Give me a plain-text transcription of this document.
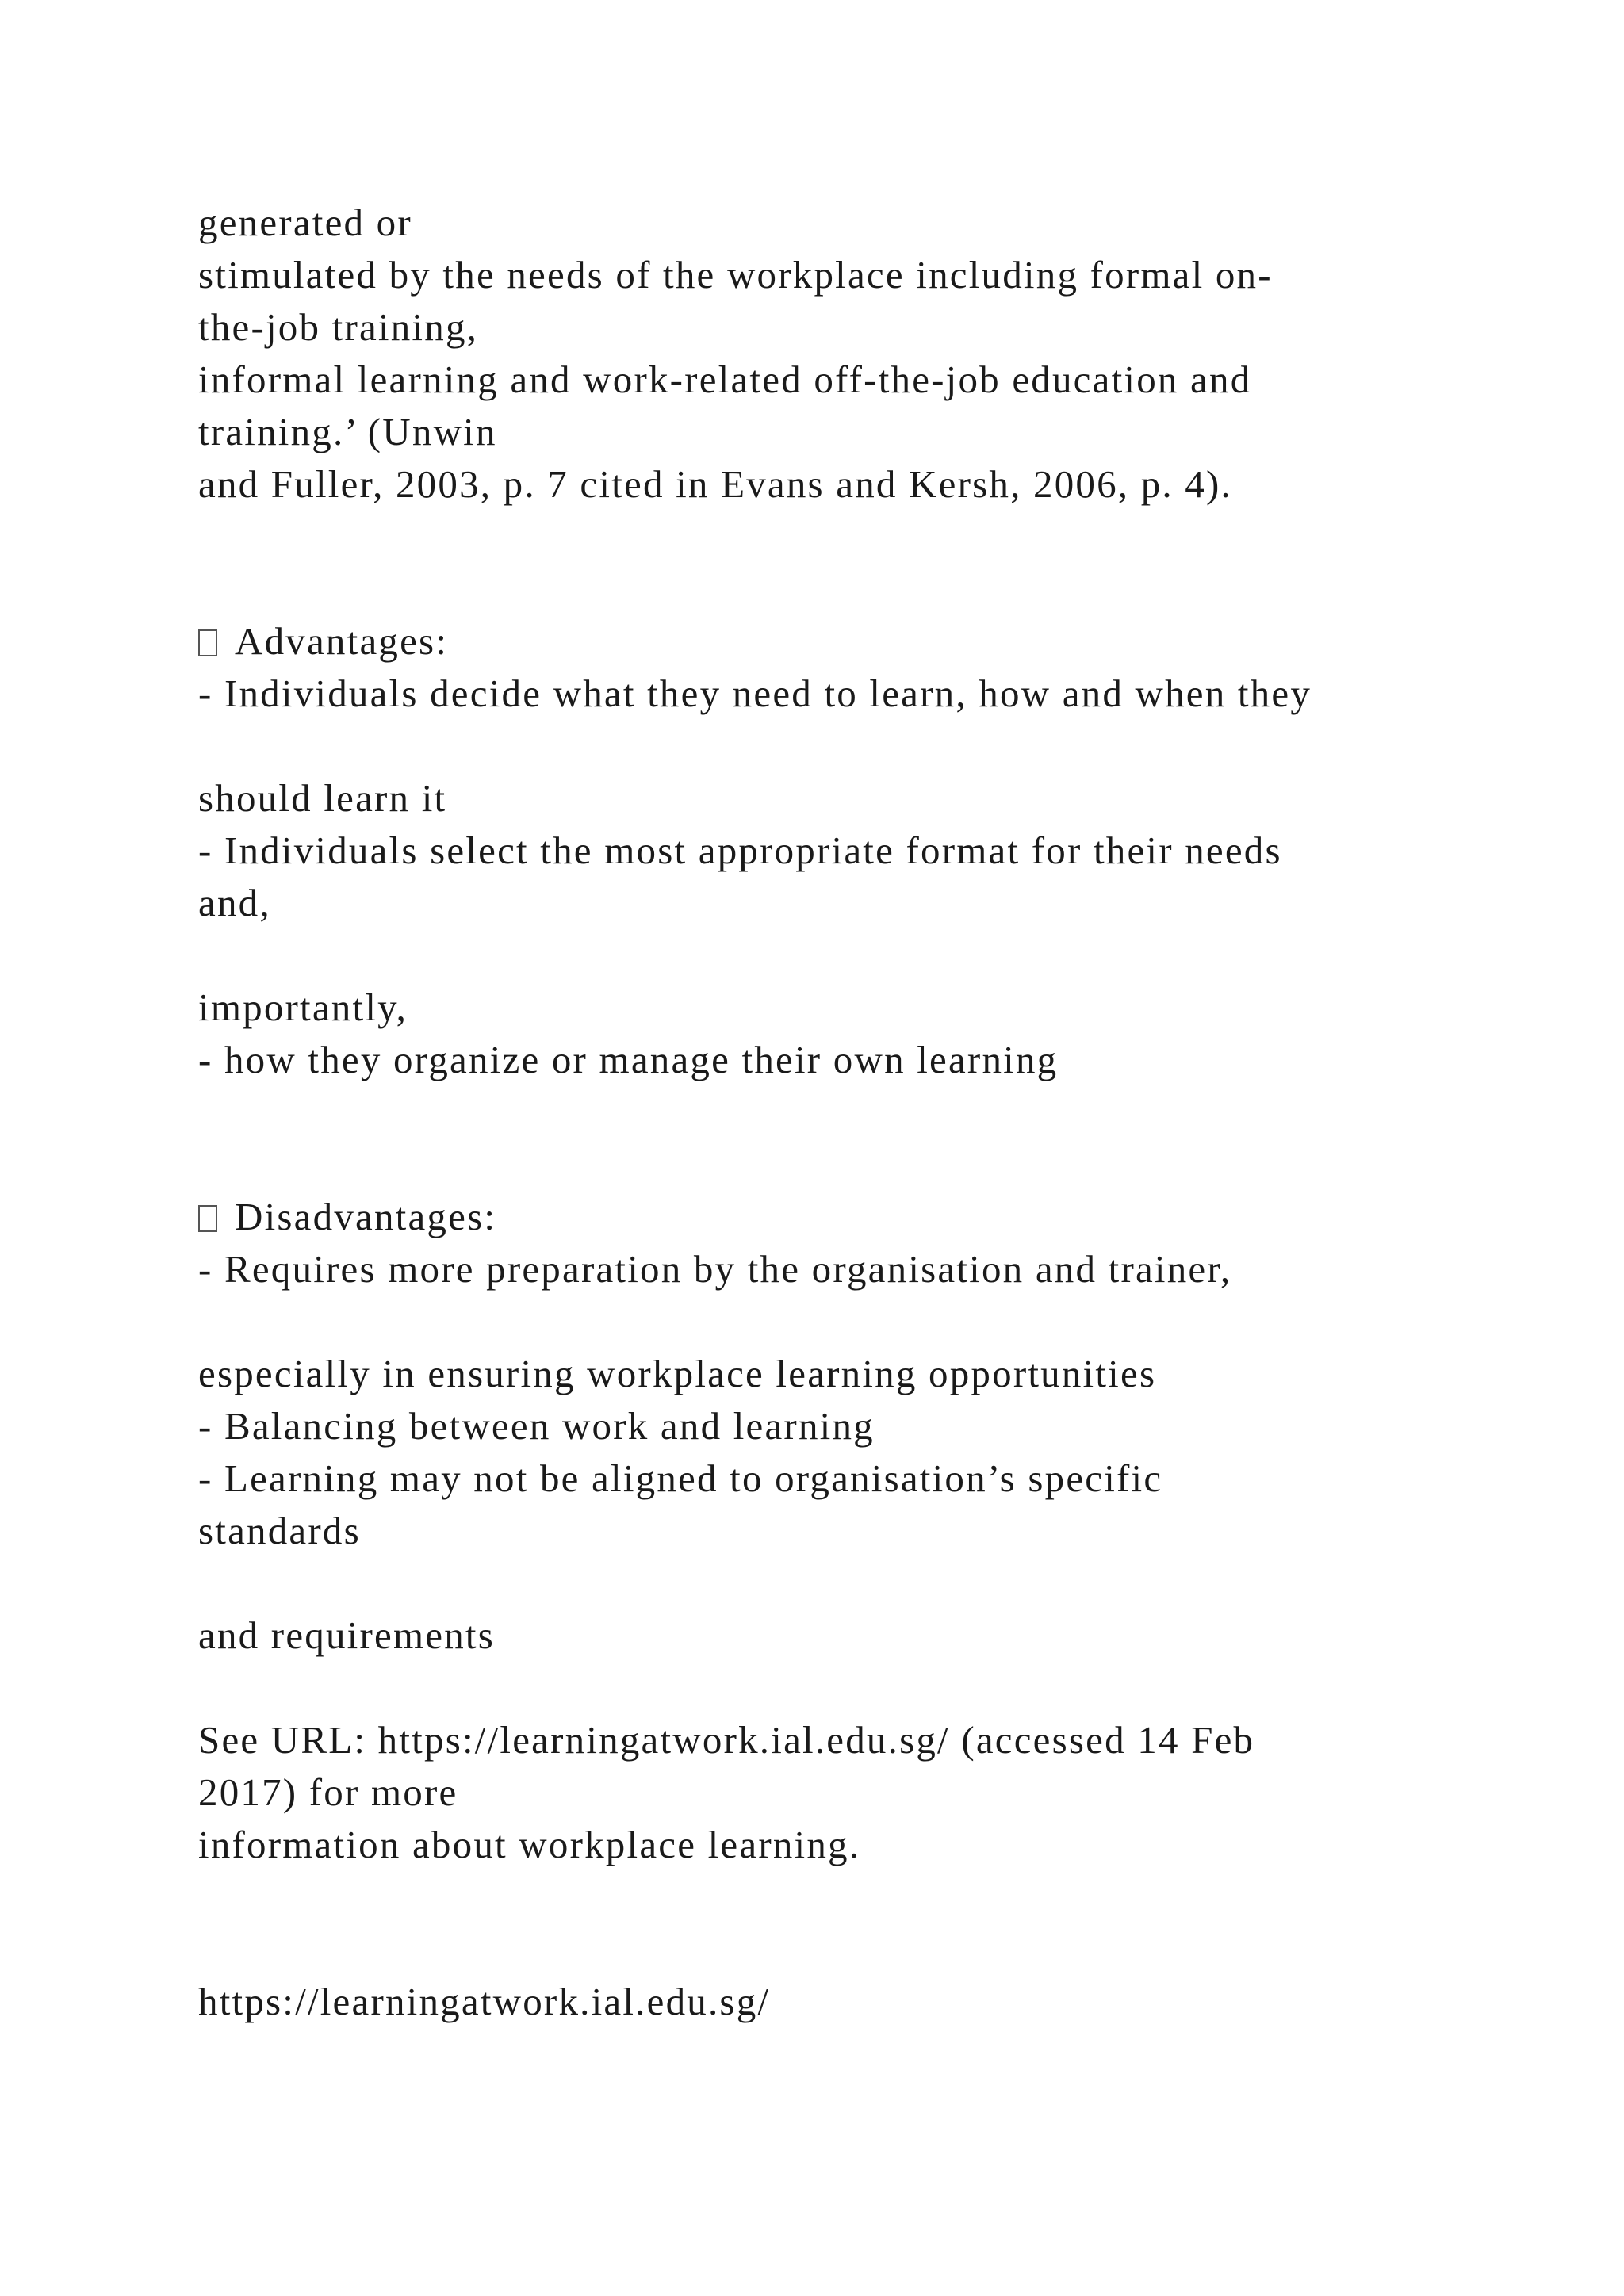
generated or
stimulated by the needs of the workplace including formal on-
the-job training,
informal learning and work-related off-the-job education and
training.’ (Unwin
and Fuller, 2003, p. 7 cited in Evans and Kersh, 2006, p. 4).
Advantages:
- Individuals decide what they need to learn, how and when they
should learn it
- Individuals select the most appropriate format for their needs
and,
importantly,
- how they organize or manage their own learning
Disadvantages:
- Requires more preparation by the organisation and trainer,
especially in ensuring workplace learning opportunities
- Balancing between work and learning
- Learning may not be aligned to organisation’s specific
standards
and requirements
See URL: https://learningatwork.ial.edu.sg/ (accessed 14 Feb
2017) for more
information about workplace learning.
https://learningatwork.ial.edu.sg/
